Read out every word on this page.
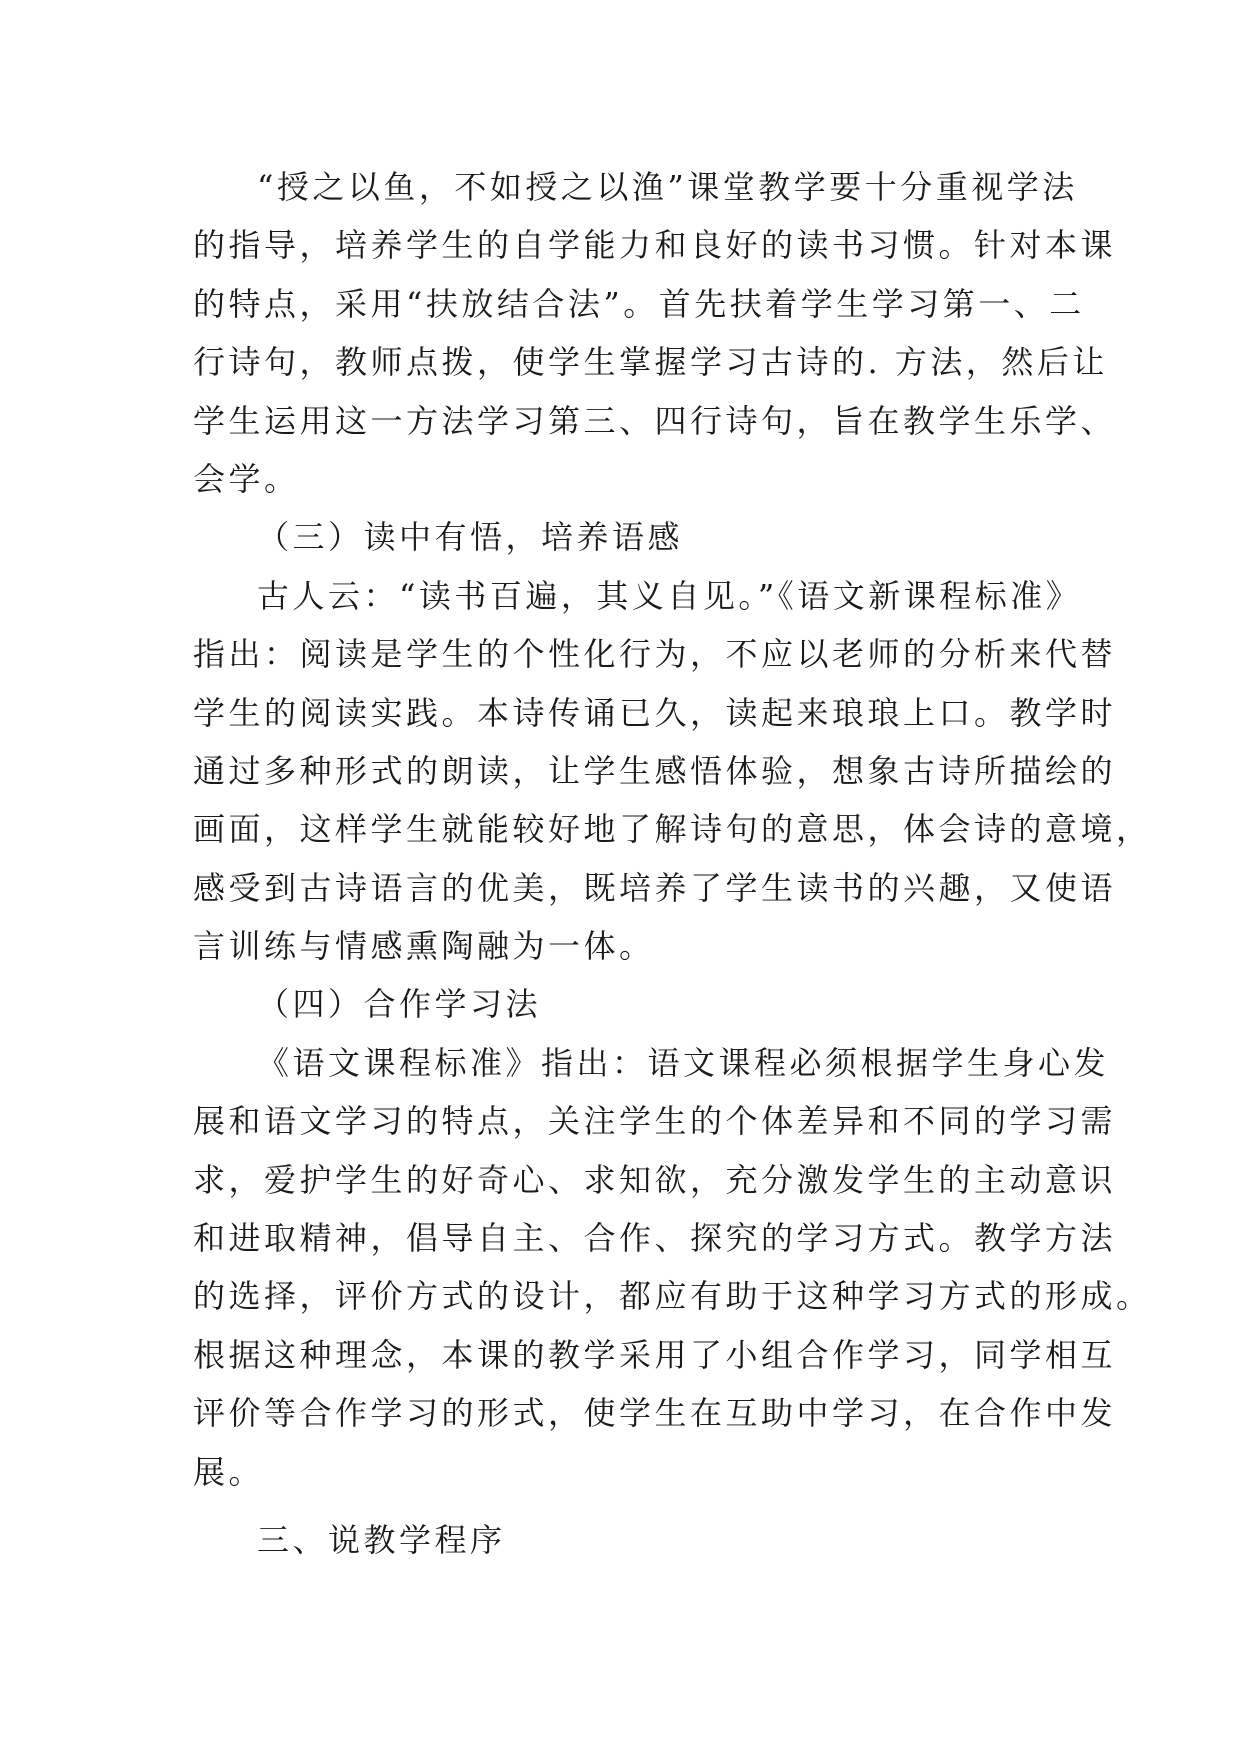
“授之以鱼，不如授之以渔”课堂教学要十分重视学法
的指导，培养学生的自学能力和良好的读书习惯。针对本课
的特点，采用“扶放结合法”。首先扶着学生学习第一、二
行诗句，教师点拨，使学生掌握学习古诗的. 方法，然后让
学生运用这一方法学习第三、四行诗句，旨在教学生乐学、
会学。
（三）读中有悟，培养语感
古人云：“读书百遍，其义自见。”《语文新课程标准》
指出：阅读是学生的个性化行为，不应以老师的分析来代替
学生的阅读实践。本诗传诵已久，读起来琅琅上口。教学时
通过多种形式的朗读，让学生感悟体验，想象古诗所描绘的
画面，这样学生就能较好地了解诗句的意思，体会诗的意境，
感受到古诗语言的优美，既培养了学生读书的兴趣，又使语
言训练与情感熏陶融为一体。
（四）合作学习法
《语文课程标准》指出：语文课程必须根据学生身心发
展和语文学习的特点，关注学生的个体差异和不同的学习需
求，爱护学生的好奇心、求知欲，充分激发学生的主动意识
和进取精神，倡导自主、合作、探究的学习方式。教学方法
的选择，评价方式的设计，都应有助于这种学习方式的形成。
根据这种理念，本课的教学采用了小组合作学习，同学相互
评价等合作学习的形式，使学生在互助中学习，在合作中发
展。
三、说教学程序
